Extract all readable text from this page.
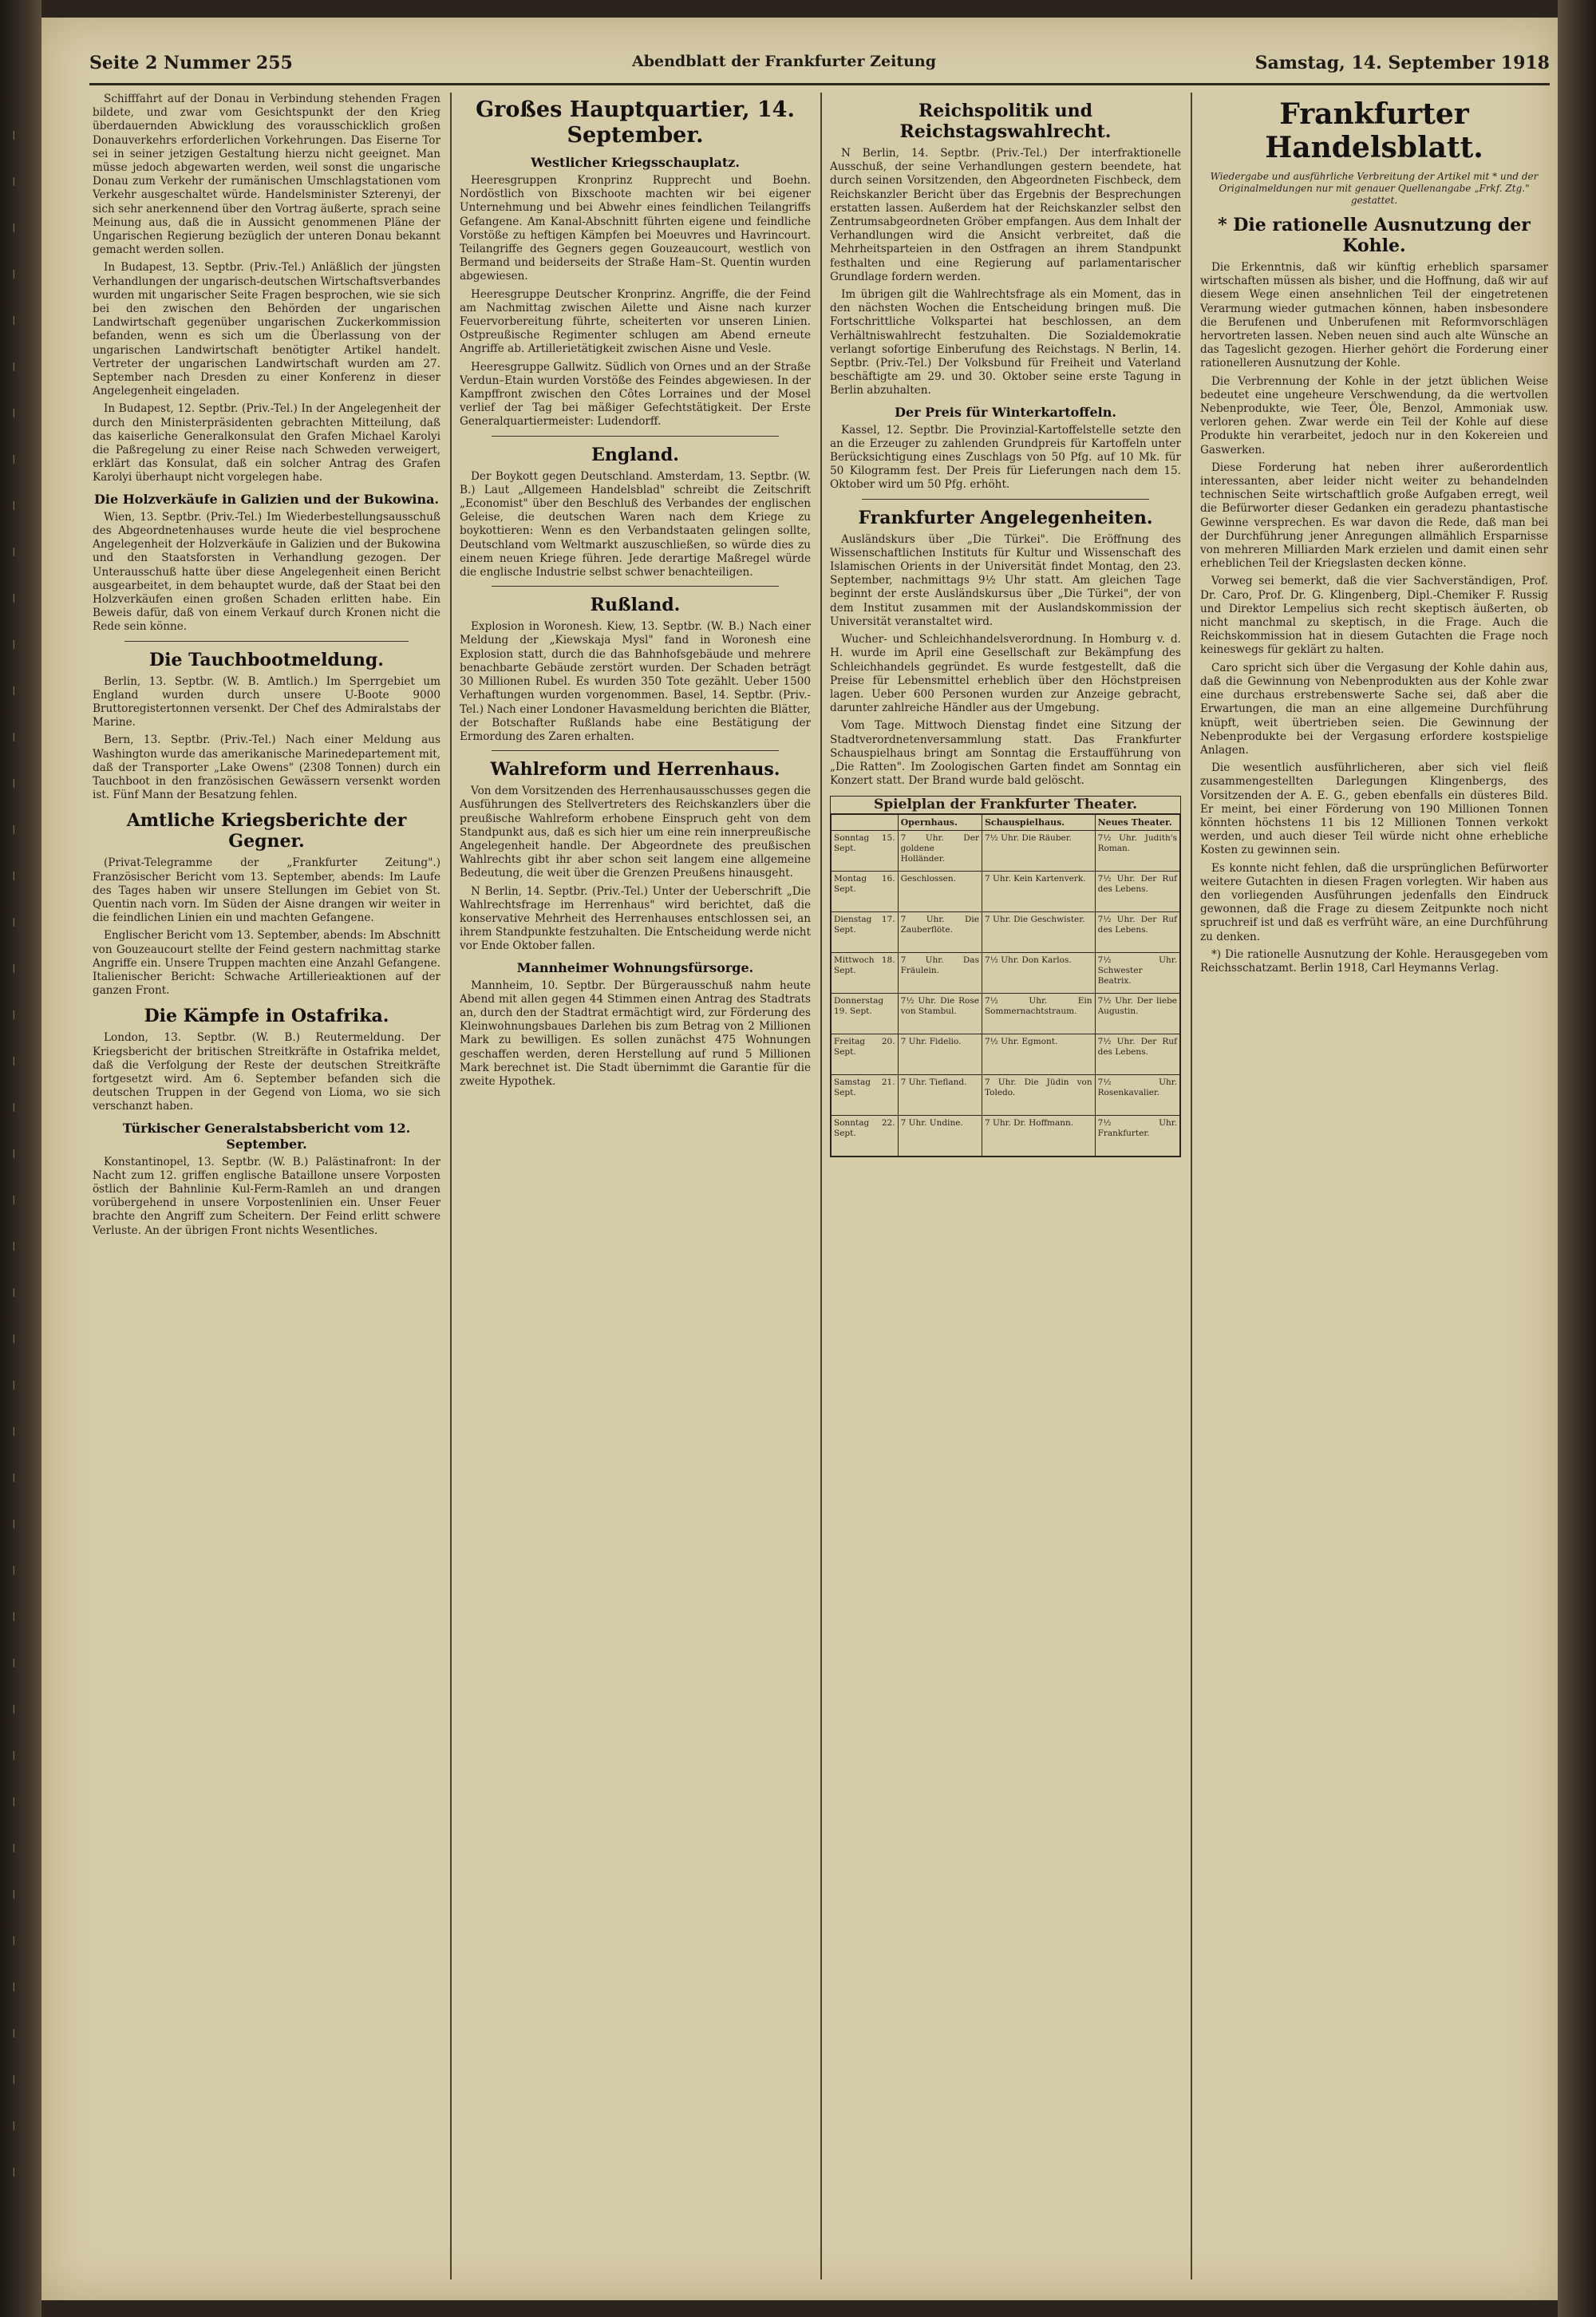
| | | | | | | | | | | | | | | | | | | | | | | | | | | | | | | | | | | | | | | | | | | | |
Seite 2 Nummer 255	Abendblatt der Frankfurter Zeitung	Samstag, 14. September 1918

Schifffahrt auf der Donau in Verbindung stehenden Fragen bildete, und zwar vom Gesichtspunkt der den Krieg überdauernden Abwicklung des vorausschicklich großen Donauverkehrs erforderlichen Vorkehrungen. Das Eiserne Tor sei in seiner jetzigen Gestaltung hierzu nicht geeignet. Man müsse jedoch abgewarten werden, weil sonst die ungarische Donau zum Verkehr der rumänischen Umschlagstationen vom Verkehr ausgeschaltet würde. Handelsminister Szterenyi, der sich sehr anerkennend über den Vortrag äußerte, sprach seine Meinung aus, daß die in Aussicht genommenen Pläne der Ungarischen Regierung bezüglich der unteren Donau bekannt gemacht werden sollen.

In Budapest, 13. Septbr. (Priv.-Tel.) Anläßlich der jüngsten Verhandlungen der ungarisch-deutschen Wirtschaftsverbandes wurden mit ungarischer Seite Fragen besprochen, wie sie sich bei den zwischen den Behörden der ungarischen Landwirtschaft gegenüber ungarischen Zuckerkommission befanden, wenn es sich um die Überlassung von der ungarischen Landwirtschaft benötigter Artikel handelt. Vertreter der ungarischen Landwirtschaft wurden am 27. September nach Dresden zu einer Konferenz in dieser Angelegenheit eingeladen.

In Budapest, 12. Septbr. (Priv.-Tel.) In der Angelegenheit der durch den Ministerpräsidenten gebrachten Mitteilung, daß das kaiserliche Generalkonsulat den Grafen Michael Karolyi die Paßregelung zu einer Reise nach Schweden verweigert, erklärt das Konsulat, daß ein solcher Antrag des Grafen Karolyi überhaupt nicht vorgelegen habe.

Die Holzverkäufe in Galizien und der Bukowina.

Wien, 13. Septbr. (Priv.-Tel.) Im Wiederbestellungsausschuß des Abgeordnetenhauses wurde heute die viel besprochene Angelegenheit der Holzverkäufe in Galizien und der Bukowina und den Staatsforsten in Verhandlung gezogen. Der Unterausschuß hatte über diese Angelegenheit einen Bericht ausgearbeitet, in dem behauptet wurde, daß der Staat bei den Holzverkäufen einen großen Schaden erlitten habe. Ein Beweis dafür, daß von einem Verkauf durch Kronen nicht die Rede sein könne.

Die Tauchbootmeldung.

Berlin, 13. Septbr. (W. B. Amtlich.) Im Sperrgebiet um England wurden durch unsere U-Boote 9000 Bruttoregistertonnen versenkt. Der Chef des Admiralstabs der Marine.

Bern, 13. Septbr. (Priv.-Tel.) Nach einer Meldung aus Washington wurde das amerikanische Marinedepartement mit, daß der Transporter „Lake Owens" (2308 Tonnen) durch ein Tauchboot in den französischen Gewässern versenkt worden ist. Fünf Mann der Besatzung fehlen.

Amtliche Kriegsberichte der Gegner.

(Privat-Telegramme der „Frankfurter Zeitung".) Französischer Bericht vom 13. September, abends: Im Laufe des Tages haben wir unsere Stellungen im Gebiet von St. Quentin nach vorn. Im Süden der Aisne drangen wir weiter in die feindlichen Linien ein und machten Gefangene.

Englischer Bericht vom 13. September, abends: Im Abschnitt von Gouzeaucourt stellte der Feind gestern nachmittag starke Angriffe ein. Unsere Truppen machten eine Anzahl Gefangene. Italienischer Bericht: Schwache Artillerieaktionen auf der ganzen Front.

Die Kämpfe in Ostafrika.

London, 13. Septbr. (W. B.) Reutermeldung. Der Kriegsbericht der britischen Streitkräfte in Ostafrika meldet, daß die Verfolgung der Reste der deutschen Streitkräfte fortgesetzt wird. Am 6. September befanden sich die deutschen Truppen in der Gegend von Lioma, wo sie sich verschanzt haben.

Türkischer Generalstabsbericht vom 12. September.

Konstantinopel, 13. Septbr. (W. B.) Palästinafront: In der Nacht zum 12. griffen englische Bataillone unsere Vorposten östlich der Bahnlinie Kul-Ferm-Ramleh an und drangen vorübergehend in unsere Vorpostenlinien ein. Unser Feuer brachte den Angriff zum Scheitern. Der Feind erlitt schwere Verluste. An der übrigen Front nichts Wesentliches.

Großes Hauptquartier, 14. September.
Westlicher Kriegsschauplatz.

Heeresgruppen Kronprinz Rupprecht und Boehn. Nordöstlich von Bixschoote machten wir bei eigener Unternehmung und bei Abwehr eines feindlichen Teilangriffs Gefangene. Am Kanal-Abschnitt führten eigene und feindliche Vorstöße zu heftigen Kämpfen bei Moeuvres und Havrincourt. Teilangriffe des Gegners gegen Gouzeaucourt, westlich von Bermand und beiderseits der Straße Ham–St. Quentin wurden abgewiesen.

Heeresgruppe Deutscher Kronprinz. Angriffe, die der Feind am Nachmittag zwischen Ailette und Aisne nach kurzer Feuervorbereitung führte, scheiterten vor unseren Linien. Ostpreußische Regimenter schlugen am Abend erneute Angriffe ab. Artillerietätigkeit zwischen Aisne und Vesle.

Heeresgruppe Gallwitz. Südlich von Ornes und an der Straße Verdun–Etain wurden Vorstöße des Feindes abgewiesen. In der Kampffront zwischen den Côtes Lorraines und der Mosel verlief der Tag bei mäßiger Gefechtstätigkeit. Der Erste Generalquartiermeister: Ludendorff.

England.

Der Boykott gegen Deutschland. Amsterdam, 13. Septbr. (W. B.) Laut „Allgemeen Handelsblad" schreibt die Zeitschrift „Economist" über den Beschluß des Verbandes der englischen Geleise, die deutschen Waren nach dem Kriege zu boykottieren: Wenn es den Verbandstaaten gelingen sollte, Deutschland vom Weltmarkt auszuschließen, so würde dies zu einem neuen Kriege führen. Jede derartige Maßregel würde die englische Industrie selbst schwer benachteiligen.

Rußland.

Explosion in Woronesh. Kiew, 13. Septbr. (W. B.) Nach einer Meldung der „Kiewskaja Mysl" fand in Woronesh eine Explosion statt, durch die das Bahnhofsgebäude und mehrere benachbarte Gebäude zerstört wurden. Der Schaden beträgt 30 Millionen Rubel. Es wurden 350 Tote gezählt. Ueber 1500 Verhaftungen wurden vorgenommen. Basel, 14. Septbr. (Priv.-Tel.) Nach einer Londoner Havasmeldung berichten die Blätter, der Botschafter Rußlands habe eine Bestätigung der Ermordung des Zaren erhalten.

Wahlreform und Herrenhaus.

Von dem Vorsitzenden des Herrenhausausschusses gegen die Ausführungen des Stellvertreters des Reichskanzlers über die preußische Wahlreform erhobene Einspruch geht von dem Standpunkt aus, daß es sich hier um eine rein innerpreußische Angelegenheit handle. Der Abgeordnete des preußischen Wahlrechts gibt ihr aber schon seit langem eine allgemeine Bedeutung, die weit über die Grenzen Preußens hinausgeht.

N Berlin, 14. Septbr. (Priv.-Tel.) Unter der Ueberschrift „Die Wahlrechtsfrage im Herrenhaus" wird berichtet, daß die konservative Mehrheit des Herrenhauses entschlossen sei, an ihrem Standpunkte festzuhalten. Die Entscheidung werde nicht vor Ende Oktober fallen.

Mannheimer Wohnungsfürsorge.

Mannheim, 10. Septbr. Der Bürgerausschuß nahm heute Abend mit allen gegen 44 Stimmen einen Antrag des Stadtrats an, durch den der Stadtrat ermächtigt wird, zur Förderung des Kleinwohnungsbaues Darlehen bis zum Betrag von 2 Millionen Mark zu bewilligen. Es sollen zunächst 475 Wohnungen geschaffen werden, deren Herstellung auf rund 5 Millionen Mark berechnet ist. Die Stadt übernimmt die Garantie für die zweite Hypothek.

Reichspolitik und Reichstagswahlrecht.

N Berlin, 14. Septbr. (Priv.-Tel.) Der interfraktionelle Ausschuß, der seine Verhandlungen gestern beendete, hat durch seinen Vorsitzenden, den Abgeordneten Fischbeck, dem Reichskanzler Bericht über das Ergebnis der Besprechungen erstatten lassen. Außerdem hat der Reichskanzler selbst den Zentrumsabgeordneten Gröber empfangen. Aus dem Inhalt der Verhandlungen wird die Ansicht verbreitet, daß die Mehrheitsparteien in den Ostfragen an ihrem Standpunkt festhalten und eine Regierung auf parlamentarischer Grundlage fordern werden.

Im übrigen gilt die Wahlrechtsfrage als ein Moment, das in den nächsten Wochen die Entscheidung bringen muß. Die Fortschrittliche Volkspartei hat beschlossen, an dem Verhältniswahlrecht festzuhalten. Die Sozialdemokratie verlangt sofortige Einberufung des Reichstags. N Berlin, 14. Septbr. (Priv.-Tel.) Der Volksbund für Freiheit und Vaterland beschäftigte am 29. und 30. Oktober seine erste Tagung in Berlin abzuhalten.

Der Preis für Winterkartoffeln.

Kassel, 12. Septbr. Die Provinzial-Kartoffelstelle setzte den an die Erzeuger zu zahlenden Grundpreis für Kartoffeln unter Berücksichtigung eines Zuschlags von 50 Pfg. auf 10 Mk. für 50 Kilogramm fest. Der Preis für Lieferungen nach dem 15. Oktober wird um 50 Pfg. erhöht.

Frankfurter Angelegenheiten.

Ausländskurs über „Die Türkei". Die Eröffnung des Wissenschaftlichen Instituts für Kultur und Wissenschaft des Islamischen Orients in der Universität findet Montag, den 23. September, nachmittags 9½ Uhr statt. Am gleichen Tage beginnt der erste Ausländskursus über „Die Türkei", der von dem Institut zusammen mit der Auslandskommission der Universität veranstaltet wird.

Wucher- und Schleichhandelsverordnung. In Homburg v. d. H. wurde im April eine Gesellschaft zur Bekämpfung des Schleichhandels gegründet. Es wurde festgestellt, daß die Preise für Lebensmittel erheblich über den Höchstpreisen lagen. Ueber 600 Personen wurden zur Anzeige gebracht, darunter zahlreiche Händler aus der Umgebung.

Vom Tage. Mittwoch Dienstag findet eine Sitzung der Stadtverordnetenversammlung statt. Das Frankfurter Schauspielhaus bringt am Sonntag die Erstaufführung von „Die Ratten". Im Zoologischen Garten findet am Sonntag ein Konzert statt. Der Brand wurde bald gelöscht.

Spielplan der Frankfurter Theater.
	Opernhaus.	Schauspielhaus.	Neues Theater.
Sonntag 15. Sept.	7 Uhr. Der goldene Holländer.	7½ Uhr. Die Räuber.	7½ Uhr. Judith's Roman.
Montag 16. Sept.	Geschlossen.	7 Uhr. Kein Kartenverk.	7½ Uhr. Der Ruf des Lebens.
Dienstag 17. Sept.	7 Uhr. Die Zauberflöte.	7 Uhr. Die Geschwister.	7½ Uhr. Der Ruf des Lebens.
Mittwoch 18. Sept.	7 Uhr. Das Fräulein.	7½ Uhr. Don Karlos.	7½ Uhr. Schwester Beatrix.
Donnerstag 19. Sept.	7½ Uhr. Die Rose von Stambul.	7½ Uhr. Ein Sommernachtstraum.	7½ Uhr. Der liebe Augustin.
Freitag 20. Sept.	7 Uhr. Fidelio.	7½ Uhr. Egmont.	7½ Uhr. Der Ruf des Lebens.
Samstag 21. Sept.	7 Uhr. Tiefland.	7 Uhr. Die Jüdin von Toledo.	7½ Uhr. Rosenkavalier.
Sonntag 22. Sept.	7 Uhr. Undine.	7 Uhr. Dr. Hoffmann.	7½ Uhr. Frankfurter.
Frankfurter Handelsblatt.
Wiedergabe und ausführliche Verbreitung der Artikel mit * und der Originalmeldungen nur mit genauer Quellenangabe „Frkf. Ztg." gestattet.
* Die rationelle Ausnutzung der Kohle.

Die Erkenntnis, daß wir künftig erheblich sparsamer wirtschaften müssen als bisher, und die Hoffnung, daß wir auf diesem Wege einen ansehnlichen Teil der eingetretenen Verarmung wieder gutmachen können, haben insbesondere die Berufenen und Unberufenen mit Reformvorschlägen hervortreten lassen. Neben neuen sind auch alte Wünsche an das Tageslicht gezogen. Hierher gehört die Forderung einer rationelleren Ausnutzung der Kohle.

Die Verbrennung der Kohle in der jetzt üblichen Weise bedeutet eine ungeheure Verschwendung, da die wertvollen Nebenprodukte, wie Teer, Öle, Benzol, Ammoniak usw. verloren gehen. Zwar werde ein Teil der Kohle auf diese Produkte hin verarbeitet, jedoch nur in den Kokereien und Gaswerken.

Diese Forderung hat neben ihrer außerordentlich interessanten, aber leider nicht weiter zu behandelnden technischen Seite wirtschaftlich große Aufgaben erregt, weil die Befürworter dieser Gedanken ein geradezu phantastische Gewinne versprechen. Es war davon die Rede, daß man bei der Durchführung jener Anregungen allmählich Ersparnisse von mehreren Milliarden Mark erzielen und damit einen sehr erheblichen Teil der Kriegslasten decken könne.

Vorweg sei bemerkt, daß die vier Sachverständigen, Prof. Dr. Caro, Prof. Dr. G. Klingenberg, Dipl.-Chemiker F. Russig und Direktor Lempelius sich recht skeptisch äußerten, ob nicht manchmal zu skeptisch, in die Frage. Auch die Reichskommission hat in diesem Gutachten die Frage noch keineswegs für geklärt zu halten.

Caro spricht sich über die Vergasung der Kohle dahin aus, daß die Gewinnung von Nebenprodukten aus der Kohle zwar eine durchaus erstrebenswerte Sache sei, daß aber die Erwartungen, die man an eine allgemeine Durchführung knüpft, weit übertrieben seien. Die Gewinnung der Nebenprodukte bei der Vergasung erfordere kostspielige Anlagen.

Die wesentlich ausführlicheren, aber sich viel fleiß zusammengestellten Darlegungen Klingenbergs, des Vorsitzenden der A. E. G., geben ebenfalls ein düsteres Bild. Er meint, bei einer Förderung von 190 Millionen Tonnen könnten höchstens 11 bis 12 Millionen Tonnen verkokt werden, und auch dieser Teil würde nicht ohne erhebliche Kosten zu gewinnen sein.

Es konnte nicht fehlen, daß die ursprünglichen Befürworter weitere Gutachten in diesen Fragen vorlegten. Wir haben aus den vorliegenden Ausführungen jedenfalls den Eindruck gewonnen, daß die Frage zu diesem Zeitpunkte noch nicht spruchreif ist und daß es verfrüht wäre, an eine Durchführung zu denken.

*) Die rationelle Ausnutzung der Kohle. Herausgegeben vom Reichsschatzamt. Berlin 1918, Carl Heymanns Verlag.
